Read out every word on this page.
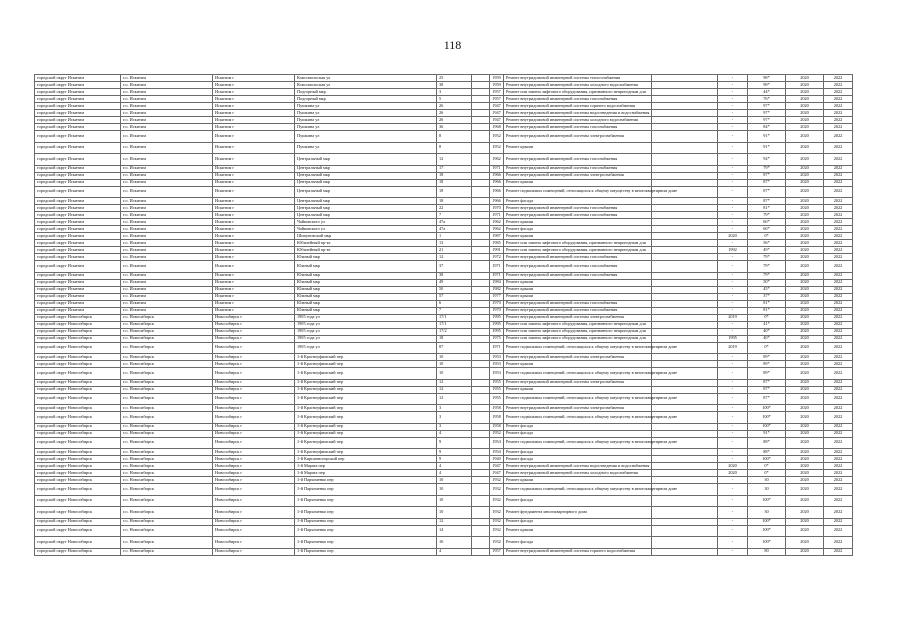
118
городской округ Искитим	г.о. Искитим	Искитим г	Комсомольская ул	25		1959	Ремонт внутридомовой инженерной системы теплоснабжения		-	98*	2020	2022
городской округ Искитим	г.о. Искитим	Искитим г	Комсомольская ул	38		1959	Ремонт внутридомовой инженерной системы холодного водоснабжения		-	98*	2020	2022
городской округ Искитим	г.о. Искитим	Искитим г	Подгорный мкр	3		1957	Ремонт или замена лифтового оборудования, признанного непригодным для		-	44*	2020	2022
городской округ Искитим	г.о. Искитим	Искитим г	Подгорный мкр	5		1957	Ремонт внутридомовой инженерной системы газоснабжения		-	76*	2020	2022
городской округ Искитим	г.о. Искитим	Искитим г	Пушкина ул	26		1947	Ремонт внутридомовой инженерной системы горячего водоснабжения		-	97*	2020	2022
городской округ Искитим	г.о. Искитим	Искитим г	Пушкина ул	26		1947	Ремонт внутридомовой инженерной системы водоотведения и водоснабжения		-	97*	2020	2022
городской округ Искитим	г.о. Искитим	Искитим г	Пушкина ул	26		1947	Ремонт внутридомовой инженерной системы холодного водоснабжения		-	97*	2020	2022
городской округ Искитим	г.о. Искитим	Искитим г	Пушкина ул	36		1968	Ремонт внутридомовой инженерной системы газоснабжения		-	84*	2020	2022
городской округ Искитим	г.о. Искитим	Искитим г	Пушкина ул	8		1952	Ремонт внутридомовой инженерной системы электроснабжения		-	91*	2020	2022
городской округ Искитим	г.о. Искитим	Искитим г	Пушкина ул	8		1952	Ремонт крыши		-	91*	2020	2022
городской округ Искитим	г.о. Искитим	Искитим г	Центральный мкр	12		1962	Ремонт внутридомовой инженерной системы газоснабжения		-	94*	2020	2022
городской округ Искитим	г.о. Искитим	Искитим г	Центральный мкр	17		1971	Ремонт внутридомовой инженерной системы газоснабжения		-	79*	2020	2022
городской округ Искитим	г.о. Искитим	Искитим г	Центральный мкр	18		1966	Ремонт внутридомовой инженерной системы электроснабжения		-	87*	2020	2022
городской округ Искитим	г.о. Искитим	Искитим г	Центральный мкр	18		1966	Ремонт крыши		-	87*	2020	2022
городской округ Искитим	г.о. Искитим	Искитим г	Центральный мкр	18		1966	Ремонт подвальных помещений, относящихся к общему имуществу в многоквартирном доме		-	87*	2020	2022
городской округ Искитим	г.о. Искитим	Искитим г	Центральный мкр	18		1966	Ремонт фасада		-	87*	2020	2022
городской округ Искитим	г.о. Искитим	Искитим г	Центральный мкр	22		1970	Ремонт внутридомовой инженерной системы газоснабжения		-	81*	2020	2022
городской округ Искитим	г.о. Искитим	Искитим г	Центральный мкр	7		1971	Ремонт внутридомовой инженерной системы газоснабжения		-	79*	2020	2022
городской округ Искитим	г.о. Искитим	Искитим г	Чайковского ул	47а		1962	Ремонт крыши		-	60*	2020	2022
городской округ Искитим	г.о. Искитим	Искитим г	Чайковского ул	47а		1962	Ремонт фасада		-	60*	2020	2022
городской округ Искитим	г.о. Искитим	Искитим г	Шипуновский мкр	1		1987	Ремонт крыши		2020	0*	2020	2022
городской округ Искитим	г.о. Искитим	Искитим г	Юбилейный пр-кт	13		1985	Ремонт или замена лифтового оборудования, признанного непригодным для		-	56*	2020	2022
городской округ Искитим	г.о. Искитим	Искитим г	Юбилейный пр-кт	21		1991	Ремонт или замена лифтового оборудования, признанного непригодным для		1992	49*	2020	2022
городской округ Искитим	г.о. Искитим	Искитим г	Южный мкр	12		1972	Ремонт внутридомовой инженерной системы газоснабжения		-	79*	2020	2022
городской округ Искитим	г.о. Искитим	Искитим г	Южный мкр	37		1971	Ремонт внутридомовой инженерной системы газоснабжения		-	79*	2020	2022
городской округ Искитим	г.о. Искитим	Искитим г	Южный мкр	38		1971	Ремонт внутридомовой инженерной системы газоснабжения		-	79*	2020	2022
городской округ Искитим	г.о. Искитим	Искитим г	Южный мкр	49		1984	Ремонт крыши		-	50*	2020	2022
городской округ Искитим	г.о. Искитим	Искитим г	Южный мкр	50		1982	Ремонт крыши		-	45*	2020	2022
городской округ Искитим	г.о. Искитим	Искитим г	Южный мкр	57		1977	Ремонт крыши		-	37*	2020	2022
городской округ Искитим	г.о. Искитим	Искитим г	Южный мкр	6		1970	Ремонт внутридомовой инженерной системы газоснабжения		-	81*	2020	2022
городской округ Искитим	г.о. Искитим	Искитим г	Южный мкр	7		1970	Ремонт внутридомовой инженерной системы газоснабжения		-	81*	2020	2022
городской округ Новосибирск	г.о. Новосибирск	Новосибирск г	1905 года ул	17/1		1995	Ремонт внутридомовой инженерной системы электроснабжения		2019	0*	2020	2022
городской округ Новосибирск	г.о. Новосибирск	Новосибирск г	1905 года ул	17/1		1995	Ремонт или замена лифтового оборудования, признанного непригодным для		-	41*	2020	2022
городской округ Новосибирск	г.о. Новосибирск	Новосибирск г	1905 года ул	17/2		1995	Ремонт или замена лифтового оборудования, признанного непригодным для		-	40*	2020	2022
городской округ Новосибирск	г.о. Новосибирск	Новосибирск г	1905 года ул	18		1975	Ремонт или замена лифтового оборудования, признанного непригодным для		1995	40*	2020	2022
городской округ Новосибирск	г.о. Новосибирск	Новосибирск г	1905 года ул	87		1971	Ремонт подвальных помещений, относящихся к общему имуществу в многоквартирном доме		2019	0*	2020	2022
городской округ Новосибирск	г.о. Новосибирск	Новосибирск г	1-й Красноуфимский пер	10		1953	Ремонт внутридомовой инженерной системы электроснабжения		-	89*	2020	2022
городской округ Новосибирск	г.о. Новосибирск	Новосибирск г	1-й Красноуфимский пер	10		1953	Ремонт крыши		-	89*	2020	2022
городской округ Новосибирск	г.о. Новосибирск	Новосибирск г	1-й Красноуфимский пер	10		1953	Ремонт подвальных помещений, относящихся к общему имуществу в многоквартирном доме		-	89*	2020	2022
городской округ Новосибирск	г.о. Новосибирск	Новосибирск г	1-й Красноуфимский пер	12		1955	Ремонт внутридомовой инженерной системы электроснабжения		-	87*	2020	2022
городской округ Новосибирск	г.о. Новосибирск	Новосибирск г	1-й Красноуфимский пер	12		1955	Ремонт крыши		-	87*	2020	2022
городской округ Новосибирск	г.о. Новосибирск	Новосибирск г	1-й Красноуфимский пер	12		1955	Ремонт подвальных помещений, относящихся к общему имуществу в многоквартирном доме		-	87*	2020	2022
городской округ Новосибирск	г.о. Новосибирск	Новосибирск г	1-й Красноуфимский пер	3		1958	Ремонт внутридомовой инженерной системы электроснабжения		-	100*	2020	2022
городской округ Новосибирск	г.о. Новосибирск	Новосибирск г	1-й Красноуфимский пер	3		1958	Ремонт подвальных помещений, относящихся к общему имуществу в многоквартирном доме		-	100*	2020	2022
городской округ Новосибирск	г.о. Новосибирск	Новосибирск г	1-й Красноуфимский пер	3		1958	Ремонт фасада		-	100*	2020	2022
городской округ Новосибирск	г.о. Новосибирск	Новосибирск г	1-й Красноуфимский пер	4		1952	Ремонт фасада		-	91*	2020	2022
городской округ Новосибирск	г.о. Новосибирск	Новосибирск г	1-й Красноуфимский пер	9		1954	Ремонт подвальных помещений, относящихся к общему имуществу в многоквартирном доме		-	88*	2020	2022
городской округ Новосибирск	г.о. Новосибирск	Новосибирск г	1-й Красноуфимский пер	9		1954	Ремонт фасада		-	88*	2020	2022
городской округ Новосибирск	г.о. Новосибирск	Новосибирск г	1-й Кирпичногорский пер	9		1940	Ремонт фасада		-	100*	2020	2022
городской округ Новосибирск	г.о. Новосибирск	Новосибирск г	1-й Марата пер	4		1947	Ремонт внутридомовой инженерной системы водоотведения и водоснабжения		2020	0*	2020	2022
городской округ Новосибирск	г.о. Новосибирск	Новосибирск г	1-й Марата пер	4		1947	Ремонт внутридомовой инженерной системы холодного водоснабжения		2020	0*	2020	2022
городской округ Новосибирск	г.о. Новосибирск	Новосибирск г	1-й Пархоменко пер	10		1932	Ремонт крыши		-	30	2020	2022
городской округ Новосибирск	г.о. Новосибирск	Новосибирск г	1-й Пархоменко пер	10		1932	Ремонт подвальных помещений, относящихся к общему имуществу в многоквартирном доме		-	30	2020	2022
городской округ Новосибирск	г.о. Новосибирск	Новосибирск г	1-й Пархоменко пер	10		1932	Ремонт фасада		-	100*	2020	2022
городской округ Новосибирск	г.о. Новосибирск	Новосибирск г	1-й Пархоменко пер	10		1932	Ремонт фундамента многоквартирного дома		-	30	2020	2022
городской округ Новосибирск	г.о. Новосибирск	Новосибирск г	1-й Пархоменко пер	12		1932	Ремонт фасада		-	100*	2020	2022
городской округ Новосибирск	г.о. Новосибирск	Новосибирск г	1-й Пархоменко пер	14		1932	Ремонт крыши		-	100*	2020	2022
городской округ Новосибирск	г.о. Новосибирск	Новосибирск г	1-й Пархоменко пер	16		1932	Ремонт фасада		-	100*	2020	2022
городской округ Новосибирск	г.о. Новосибирск	Новосибирск г	1-й Пархоменко пер	4		1957	Ремонт внутридомовой инженерной системы горячего водоснабжения		-	80	2020	2022
